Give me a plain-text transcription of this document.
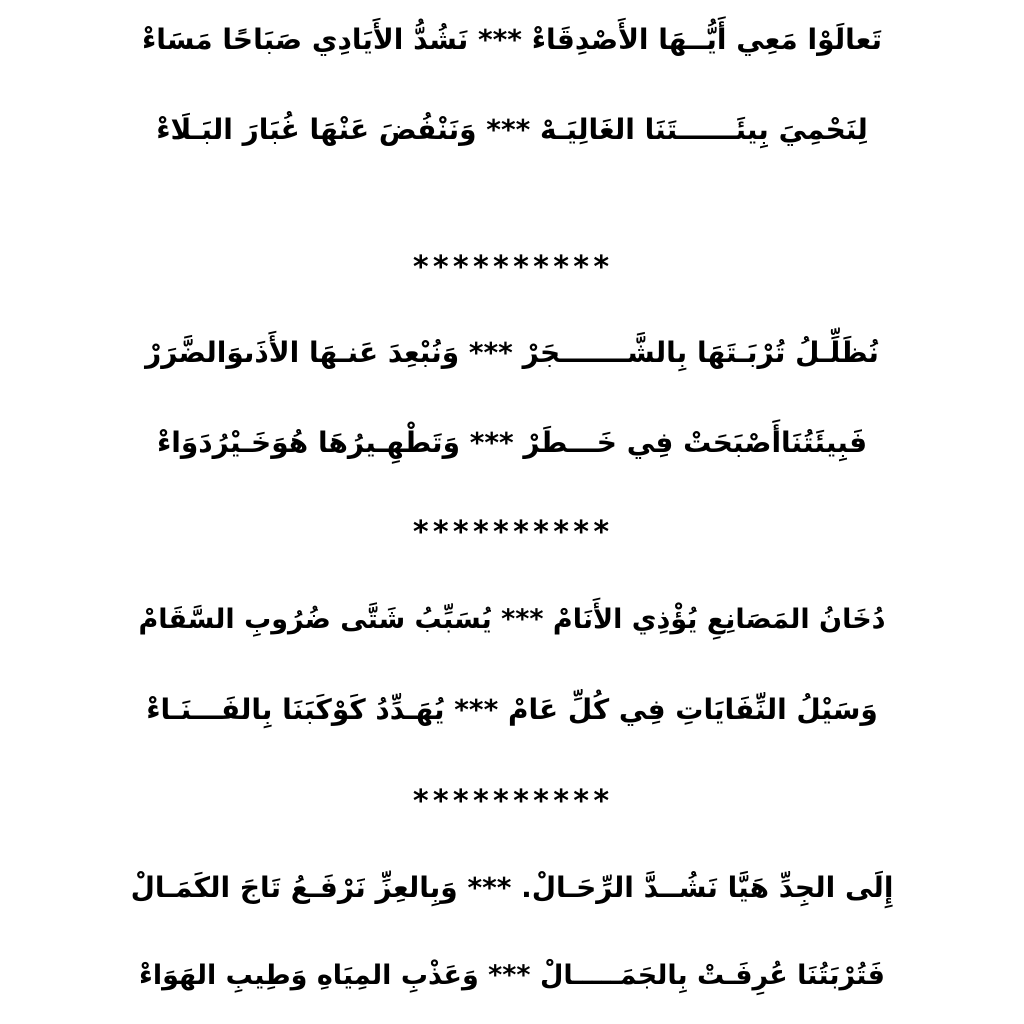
تَعالَوْا مَعِي أَيُّــهَا الأَصْدِقَاءْ *** نَشُدُّ الأَيَادِي صَبَاحًا مَسَاءْ
لِنَحْمِيَ بِيئَــــــتَنَا الغَالِيَـهْ *** وَنَنْفُضَ عَنْهَا غُبَارَ البَـلَاءْ
**********
نُظَلِّـلُ تُرْبَـتَهَا بِالشَّـــــــجَرْ *** وَنُبْعِدَ عَنـهَا الأَذَىوَالضَّرَرْ
فَبِيئَتُنَاأَصْبَحَتْ فِي خَـــطَرْ *** وَتَطْهِـيرُهَا هُوَخَـيْرُدَوَاءْ
**********
دُخَانُ المَصَانِعِ يُؤْذِي الأَنَامْ *** يُسَبِّبُ شَتَّى ضُرُوبِ السَّقَامْ
وَسَيْلُ النِّفَايَاتِ فِي كُلِّ عَامْ *** يُهَـدِّدُ كَوْكَبَنَا بِالفَـــنَـاءْ
**********
إِلَى الجِدِّ هَيَّا نَشُــدَّ الرِّحَـالْ. *** وَبِالعِزِّ نَرْفَـعُ تَاجَ الكَمَـالْ
فَتُرْبَتُنَا عُرِفَـتْ بِالجَمَـــــالْ *** وَعَذْبِ المِيَاهِ وَطِيبِ الهَوَاءْ
